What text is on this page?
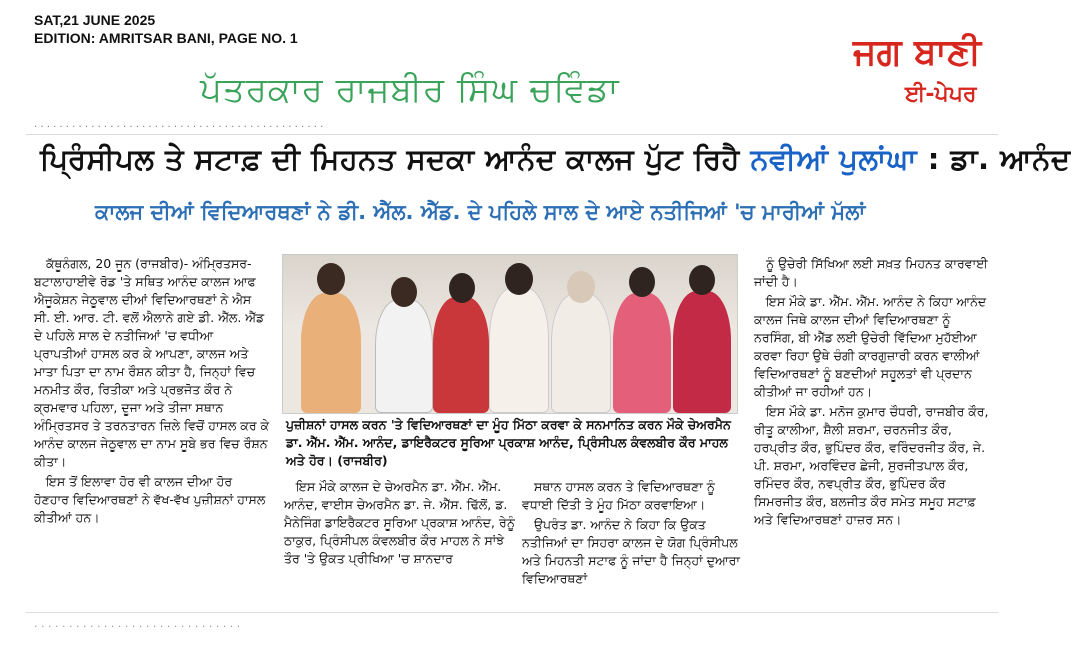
SAT,21 JUNE 2025
EDITION: AMRITSAR BANI, PAGE NO. 1
ਪੱਤਰਕਾਰ ਰਾਜਬੀਰ ਸਿੰਘ ਚਵਿੰਡਾ
ਜਗ ਬਾਣੀ
ਈ-ਪੇਪਰ
· · · · · · · · · · · · · · · · · · · · · · · · · · · · · · · · · · · · · · · · · · · · · ·
ਪ੍ਰਿੰਸੀਪਲ ਤੇ ਸਟਾਫ਼ ਦੀ ਮਿਹਨਤ ਸਦਕਾ ਆਨੰਦ ਕਾਲਜ ਪੁੱਟ ਰਿਹੈ ਨਵੀਆਂ ਪੁਲਾਂਘਾ : ਡਾ. ਆਨੰਦ
ਕਾਲਜ ਦੀਆਂ ਵਿਦਿਆਰਥਣਾਂ ਨੇ ਡੀ. ਐੱਲ. ਐੱਡ. ਦੇ ਪਹਿਲੇ ਸਾਲ ਦੇ ਆਏ ਨਤੀਜਿਆਂ 'ਚ ਮਾਰੀਆਂ ਮੱਲਾਂ

ਕੱਥੂਨੰਗਲ, 20 ਜੂਨ (ਰਾਜਬੀਰ)- ਅੰਮ੍ਰਿਤਸਰ-ਬਟਾਲਾਹਾਈਵੇ ਰੋਡ 'ਤੇ ਸਥਿਤ ਆਨੰਦ ਕਾਲਜ ਆਫ ਐਜੂਕੇਸ਼ਨ ਜੇਠੂਵਾਲ ਦੀਆਂ ਵਿਦਿਆਰਥਣਾਂ ਨੇ ਐਸ ਸੀ. ਈ. ਆਰ. ਟੀ. ਵਲੋਂ ਐਲਾਨੇ ਗਏ ਡੀ. ਐੱਲ. ਐੱਡ ਦੇ ਪਹਿਲੇ ਸਾਲ ਦੇ ਨਤੀਜਿਆਂ 'ਚ ਵਧੀਆ ਪ੍ਰਾਪਤੀਆਂ ਹਾਸਲ ਕਰ ਕੇ ਆਪਣਾ, ਕਾਲਜ ਅਤੇ ਮਾਤਾ ਪਿਤਾ ਦਾ ਨਾਮ ਰੌਸ਼ਨ ਕੀਤਾ ਹੈ, ਜਿਨ੍ਹਾਂ ਵਿਚ ਮਨਮੀਤ ਕੌਰ, ਰਿਤੀਕਾ ਅਤੇ ਪ੍ਰਭਜੋਤ ਕੌਰ ਨੇ ਕ੍ਰਮਵਾਰ ਪਹਿਲਾ, ਦੂਜਾ ਅਤੇ ਤੀਜਾ ਸਥਾਨ ਅੰਮ੍ਰਿਤਸਰ ਤੇ ਤਰਨਤਾਰਨ ਜ਼ਿਲੇ ਵਿਚੋਂ ਹਾਸਲ ਕਰ ਕੇ ਆਨੰਦ ਕਾਲਜ ਜੇਠੂਵਾਲ ਦਾ ਨਾਮ ਸੂਬੇ ਭਰ ਵਿਚ ਰੌਸ਼ਨ ਕੀਤਾ।

ਇਸ ਤੋਂ ਇਲਾਵਾ ਹੋਰ ਵੀ ਕਾਲਜ ਦੀਆ ਹੋਰ ਹੋਣਹਾਰ ਵਿਦਿਆਰਥਣਾਂ ਨੇ ਵੱਖ-ਵੱਖ ਪੁਜ਼ੀਸ਼ਨਾਂ ਹਾਸਲ ਕੀਤੀਆਂ ਹਨ।

ਪੁਜ਼ੀਸ਼ਨਾਂ ਹਾਸਲ ਕਰਨ 'ਤੇ ਵਿਦਿਆਰਥਣਾਂ ਦਾ ਮੂੰਹ ਮਿੱਠਾ ਕਰਵਾ ਕੇ ਸਨਮਾਨਿਤ ਕਰਨ ਮੌਕੇ ਚੇਅਰਮੈਨ ਡਾ. ਐੱਮ. ਐੱਮ. ਆਨੰਦ, ਡਾਇਰੈਕਟਰ ਸੂਰਿਆ ਪ੍ਰਕਾਸ਼ ਆਨੰਦ, ਪ੍ਰਿੰਸੀਪਲ ਕੰਵਲਬੀਰ ਕੌਰ ਮਾਹਲ ਅਤੇ ਹੋਰ। (ਰਾਜਬੀਰ)

ਇਸ ਮੌਕੇ ਕਾਲਜ ਦੇ ਚੇਅਰਮੈਨ ਡਾ. ਐੱਮ. ਐੱਮ. ਆਨੰਦ, ਵਾਈਸ ਚੇਅਰਮੈਨ ਡਾ. ਜੇ. ਐੱਸ. ਢਿੱਲੋਂ, ਡ. ਮੈਨੇਜਿੰਗ ਡਾਇਰੈਕਟਰ ਸੂਰਿਆ ਪ੍ਰਕਾਸ਼ ਆਨੰਦ, ਰੇਨੂੰ ਠਾਕੁਰ, ਪ੍ਰਿੰਸੀਪਲ ਕੰਵਲਬੀਰ ਕੌਰ ਮਾਹਲ ਨੇ ਸਾਂਝੇ ਤੌਰ 'ਤੇ ਉਕਤ ਪ੍ਰੀਖਿਆ 'ਚ ਸ਼ਾਨਦਾਰ

ਸਥਾਨ ਹਾਸਲ ਕਰਨ ਤੇ ਵਿਦਿਆਰਥਣਾ ਨੂੰ ਵਧਾਈ ਦਿੱਤੀ ਤੇ ਮੂੰਹ ਮਿੱਠਾ ਕਰਵਾਇਆ।

ਉਪਰੰਤ ਡਾ. ਆਨੰਦ ਨੇ ਕਿਹਾ ਕਿ ਉਕਤ ਨਤੀਜਿਆਂ ਦਾ ਸਿਹਰਾ ਕਾਲਜ ਦੇ ਯੋਗ ਪ੍ਰਿੰਸੀਪਲ ਅਤੇ ਮਿਹਨਤੀ ਸਟਾਫ ਨੂੰ ਜਾਂਦਾ ਹੈ ਜਿਨ੍ਹਾਂ ਦੁਆਰਾ ਵਿਦਿਆਰਥਣਾਂ

ਨੂੰ ਉਚੇਰੀ ਸਿੱਖਿਆ ਲਈ ਸਖ਼ਤ ਮਿਹਨਤ ਕਾਰਵਾਈ ਜਾਂਦੀ ਹੈ।

ਇਸ ਮੌਕੇ ਡਾ. ਐੱਮ. ਐੱਮ. ਆਨੰਦ ਨੇ ਕਿਹਾ ਆਨੰਦ ਕਾਲਜ ਜਿਥੇ ਕਾਲਜ ਦੀਆਂ ਵਿਦਿਆਰਥਣਾ ਨੂੰ ਨਰਸਿੰਗ, ਬੀ ਐੱਡ ਲਈ ਉਚੇਰੀ ਵਿੱਦਿਆ ਮੁਹੱਈਆ ਕਰਵਾ ਰਿਹਾ ਉਥੇ ਚੰਗੀ ਕਾਰਗੁਜ਼ਾਰੀ ਕਰਨ ਵਾਲੀਆਂ ਵਿਦਿਆਰਥਣਾਂ ਨੂੰ ਬਣਦੀਆਂ ਸਹੂਲਤਾਂ ਵੀ ਪ੍ਰਦਾਨ ਕੀਤੀਆਂ ਜਾ ਰਹੀਆਂ ਹਨ।

ਇਸ ਮੌਕੇ ਡਾ. ਮਨੋਜ ਕੁਮਾਰ ਚੌਧਰੀ, ਰਾਜਬੀਰ ਕੌਰ, ਰੀਤੂ ਕਾਲੀਆ, ਸ਼ੈਲੀ ਸ਼ਰਮਾ, ਚਰਨਜੀਤ ਕੌਰ, ਹਰਪ੍ਰੀਤ ਕੌਰ, ਭੁਪਿੰਦਰ ਕੌਰ, ਵਰਿੰਦਰਜੀਤ ਕੌਰ, ਜੇ. ਪੀ. ਸ਼ਰਮਾ, ਅਰਵਿੰਦਰ ਛੇਜੀ, ਸੁਰਜੀਤਪਾਲ ਕੌਰ, ਰਮਿੰਦਰ ਕੌਰ, ਨਵਪ੍ਰੀਤ ਕੌਰ, ਭੁਪਿੰਦਰ ਕੌਰ ਸਿਮਰਜੀਤ ਕੌਰ, ਬਲਜੀਤ ਕੌਰ ਸਮੇਤ ਸਮੂਹ ਸਟਾਫ਼ ਅਤੇ ਵਿਦਿਆਰਥਣਾਂ ਹਾਜ਼ਰ ਸਨ।

· · · · · · · · · · · · · · · · · · · · · · · · · · · · · ·
